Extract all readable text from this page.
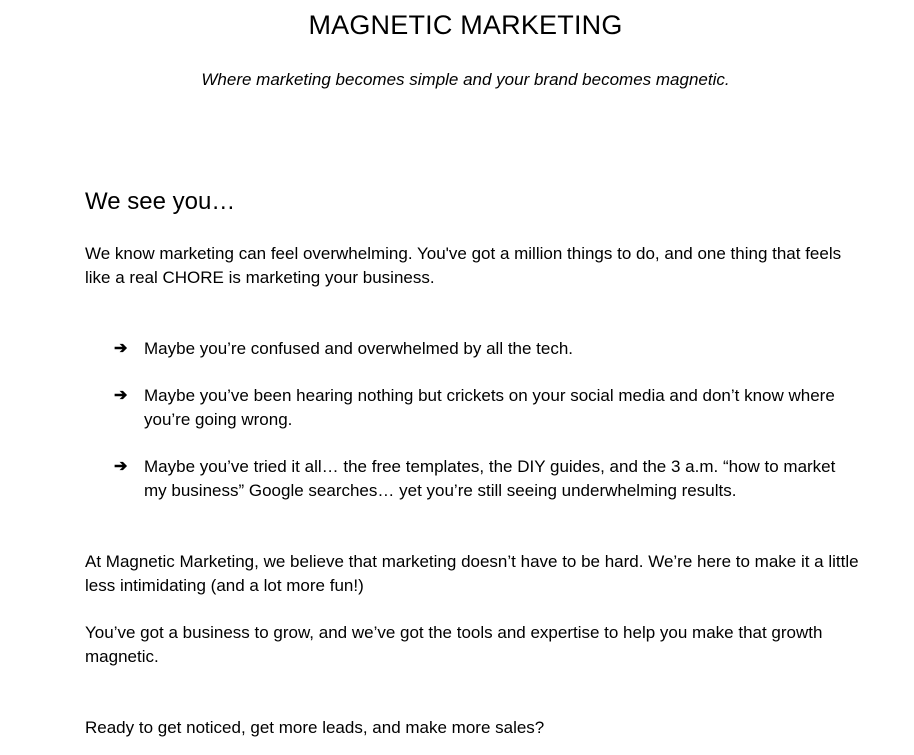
MAGNETIC MARKETING
Where marketing becomes simple and your brand becomes magnetic.
We see you…
We know marketing can feel overwhelming. You've got a million things to do, and one thing that feels like a real CHORE is marketing your business.
➔ Maybe you’re confused and overwhelmed by all the tech.
➔ Maybe you’ve been hearing nothing but crickets on your social media and don’t know where you’re going wrong.
➔ Maybe you’ve tried it all… the free templates, the DIY guides, and the 3 a.m. “how to market my business” Google searches… yet you’re still seeing underwhelming results.
At Magnetic Marketing, we believe that marketing doesn’t have to be hard. We’re here to make it a little less intimidating (and a lot more fun!)
You’ve got a business to grow, and we’ve got the tools and expertise to help you make that growth magnetic.
Ready to get noticed, get more leads, and make more sales?
